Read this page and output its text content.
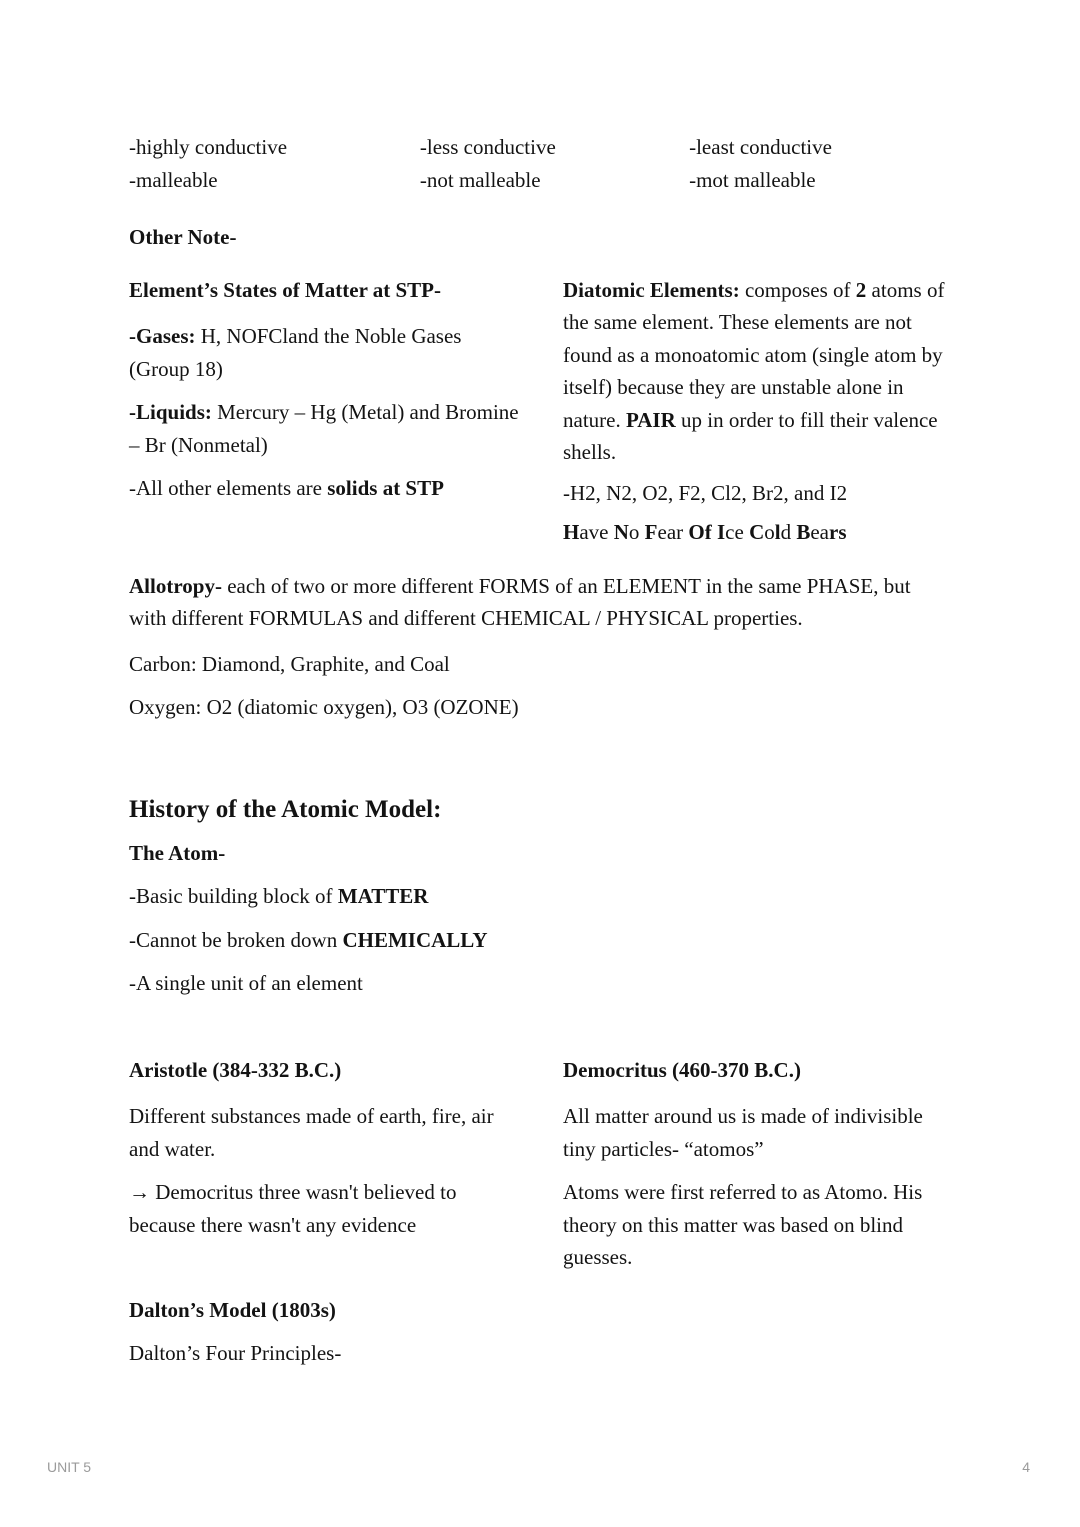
-highly conductive

-malleable

-less conductive

-not malleable

-least conductive

-mot malleable

Other Note-

Element’s States of Matter at STP-

-Gases: H, NOFCland the Noble Gases (Group 18)

-Liquids: Mercury – Hg (Metal) and Bromine – Br (Nonmetal)

-All other elements are solids at STP

Diatomic Elements: composes of 2 atoms of the same element. These elements are not found as a monoatomic atom (single atom by itself) because they are unstable alone in nature. PAIR up in order to fill their valence shells.

-H2, N2, O2, F2, Cl2, Br2, and I2

Have No Fear Of Ice Cold Bears

Allotropy- each of two or more different FORMS of an ELEMENT in the same PHASE, but with different FORMULAS and different CHEMICAL / PHYSICAL properties.

Carbon: Diamond, Graphite, and Coal

Oxygen: O2 (diatomic oxygen), O3 (OZONE)

History of the Atomic Model:

The Atom-

-Basic building block of MATTER

-Cannot be broken down CHEMICALLY

-A single unit of an element

Aristotle (384-332 B.C.)

Different substances made of earth, fire, air and water.

→ Democritus three wasn't believed to because there wasn't any evidence

Democritus (460-370 B.C.)

All matter around us is made of indivisible tiny particles- “atomos”

Atoms were first referred to as Atomo. His theory on this matter was based on blind guesses.

Dalton’s Model (1803s)

Dalton’s Four Principles-

UNIT 5	4
